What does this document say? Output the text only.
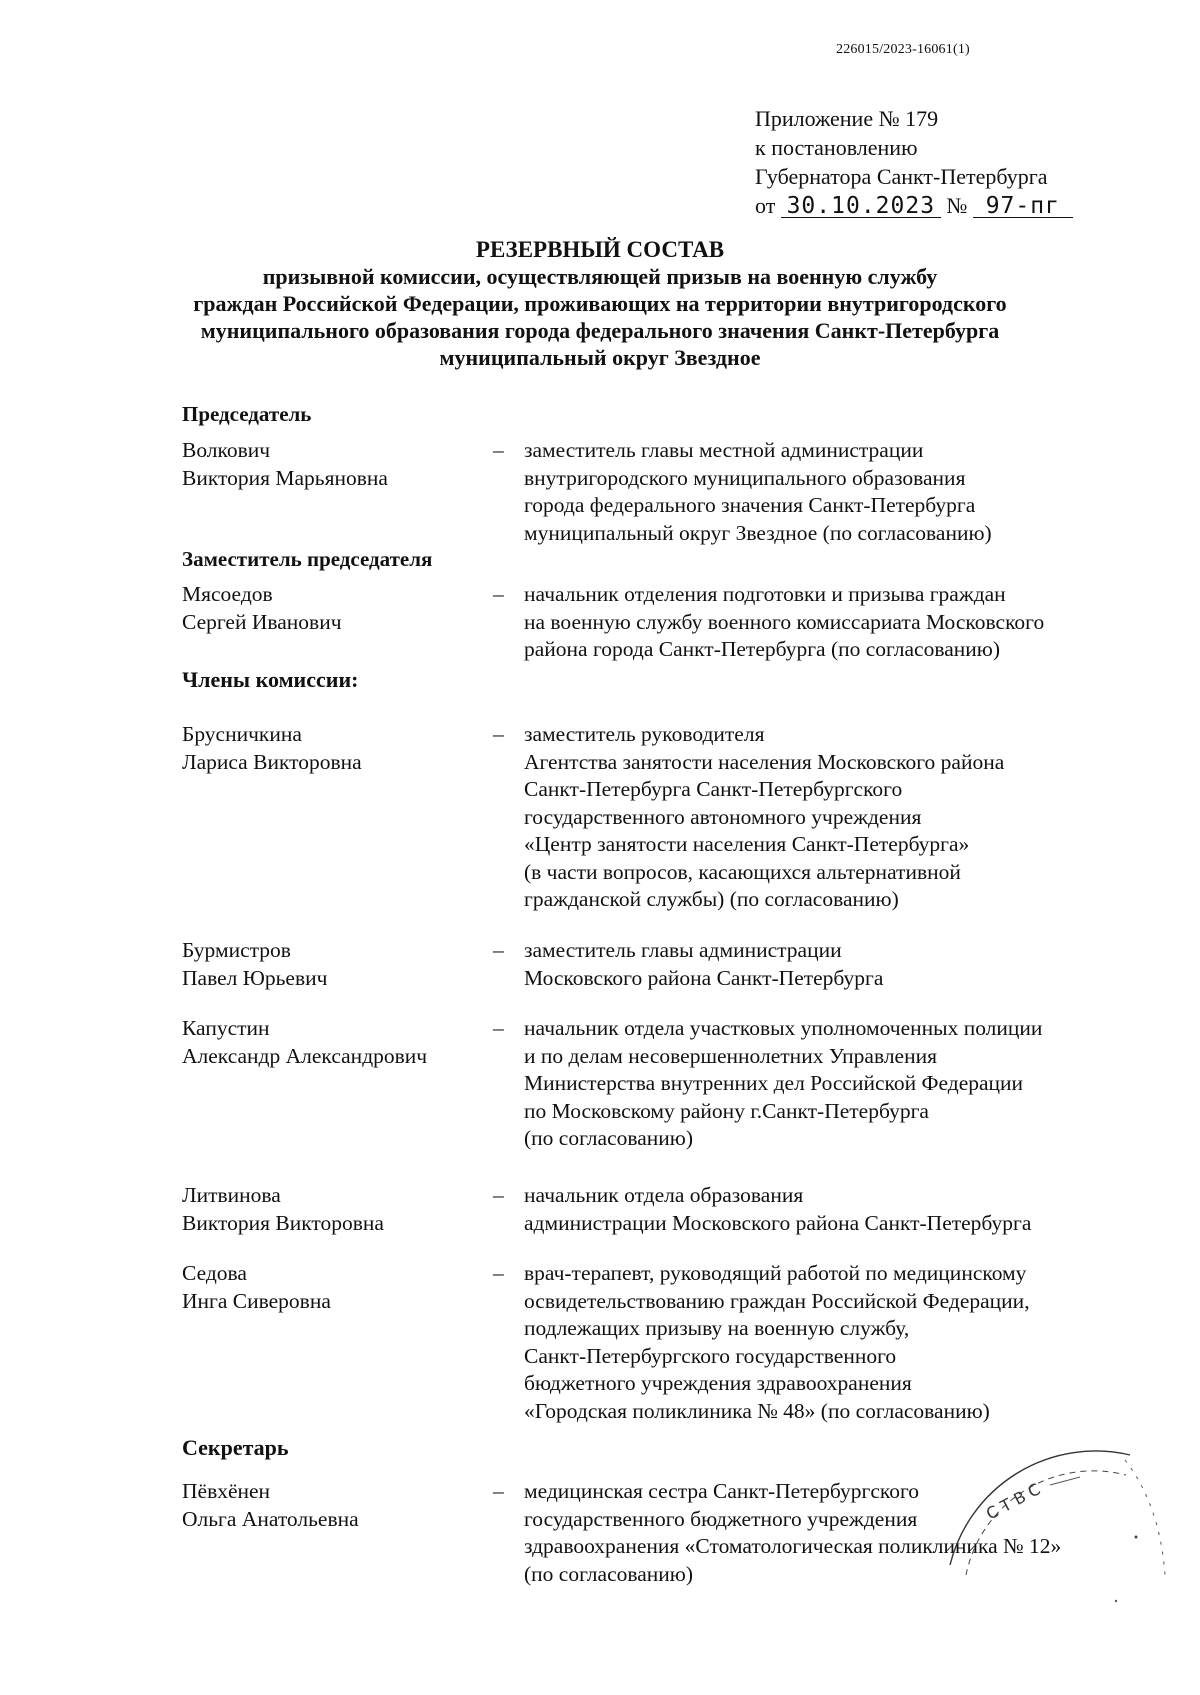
226015/2023-16061(1)
Приложение № 179
к постановлению
Губернатора Санкт-Петербурга
от 30.10.2023 № 97-пг
РЕЗЕРВНЫЙ СОСТАВ
призывной комиссии, осуществляющей призыв на военную службу
граждан Российской Федерации, проживающих на территории внутригородского
муниципального образования города федерального значения Санкт-Петербурга
муниципальный округ Звездное
Председатель
Волкович
Виктория Марьяновна
– заместитель главы местной администрации
внутригородского муниципального образования
города федерального значения Санкт-Петербурга
муниципальный округ Звездное (по согласованию)
Заместитель председателя
Мясоедов
Сергей Иванович
– начальник отделения подготовки и призыва граждан
на военную службу военного комиссариата Московского
района города Санкт-Петербурга (по согласованию)
Члены комиссии:
Брусничкина
Лариса Викторовна
– заместитель руководителя
Агентства занятости населения Московского района
Санкт-Петербурга Санкт-Петербургского
государственного автономного учреждения
«Центр занятости населения Санкт-Петербурга»
(в части вопросов, касающихся альтернативной
гражданской службы) (по согласованию)
Бурмистров
Павел Юрьевич
– заместитель главы администрации
Московского района Санкт-Петербурга
Капустин
Александр Александрович
– начальник отдела участковых уполномоченных полиции
и по делам несовершеннолетних Управления
Министерства внутренних дел Российской Федерации
по Московскому району г.Санкт-Петербурга
(по согласованию)
Литвинова
Виктория Викторовна
– начальник отдела образования
администрации Московского района Санкт-Петербурга
Седова
Инга Сиверовна
– врач-терапевт, руководящий работой по медицинскому
освидетельствованию граждан Российской Федерации,
подлежащих призыву на военную службу,
Санкт-Петербургского государственного
бюджетного учреждения здравоохранения
«Городская поликлиника № 48» (по согласованию)
Секретарь
Пёвхёнен
Ольга Анатольевна
– медицинская сестра Санкт-Петербургского
государственного бюджетного учреждения
здравоохранения «Стоматологическая поликлиника № 12»
(по согласованию)
С Т В С
